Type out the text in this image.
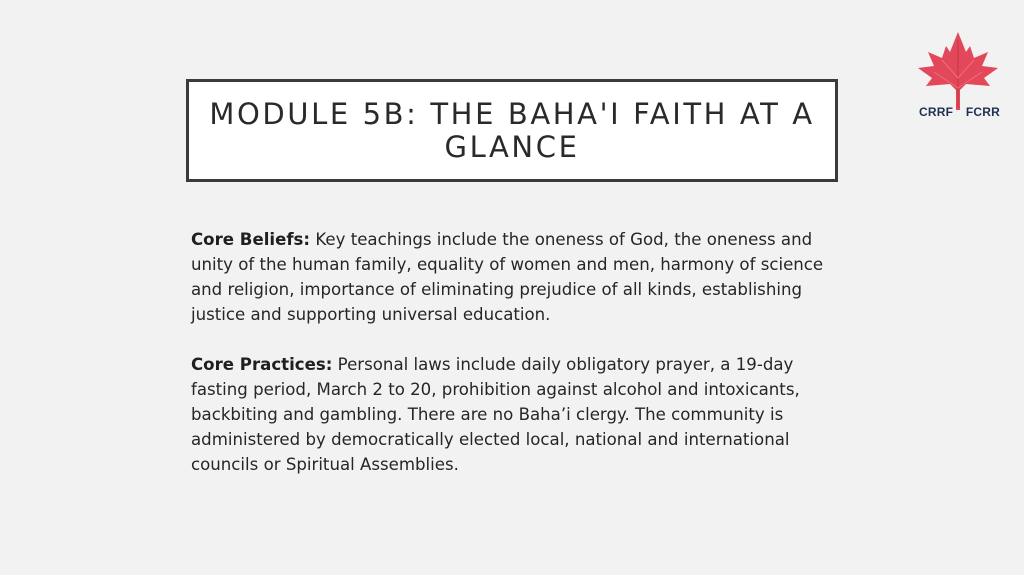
CRRF FCRR
MODULE 5B: THE BAHA'I FAITH AT A GLANCE

Core Beliefs: Key teachings include the oneness of God, the oneness and unity of the human family, equality of women and men, harmony of science and religion, importance of eliminating prejudice of all kinds, establishing justice and supporting universal education.

Core Practices: Personal laws include daily obligatory prayer, a 19-day fasting period, March 2 to 20, prohibition against alcohol and intoxicants, backbiting and gambling. There are no Baha’i clergy. The community is administered by democratically elected local, national and international councils or Spiritual Assemblies.
